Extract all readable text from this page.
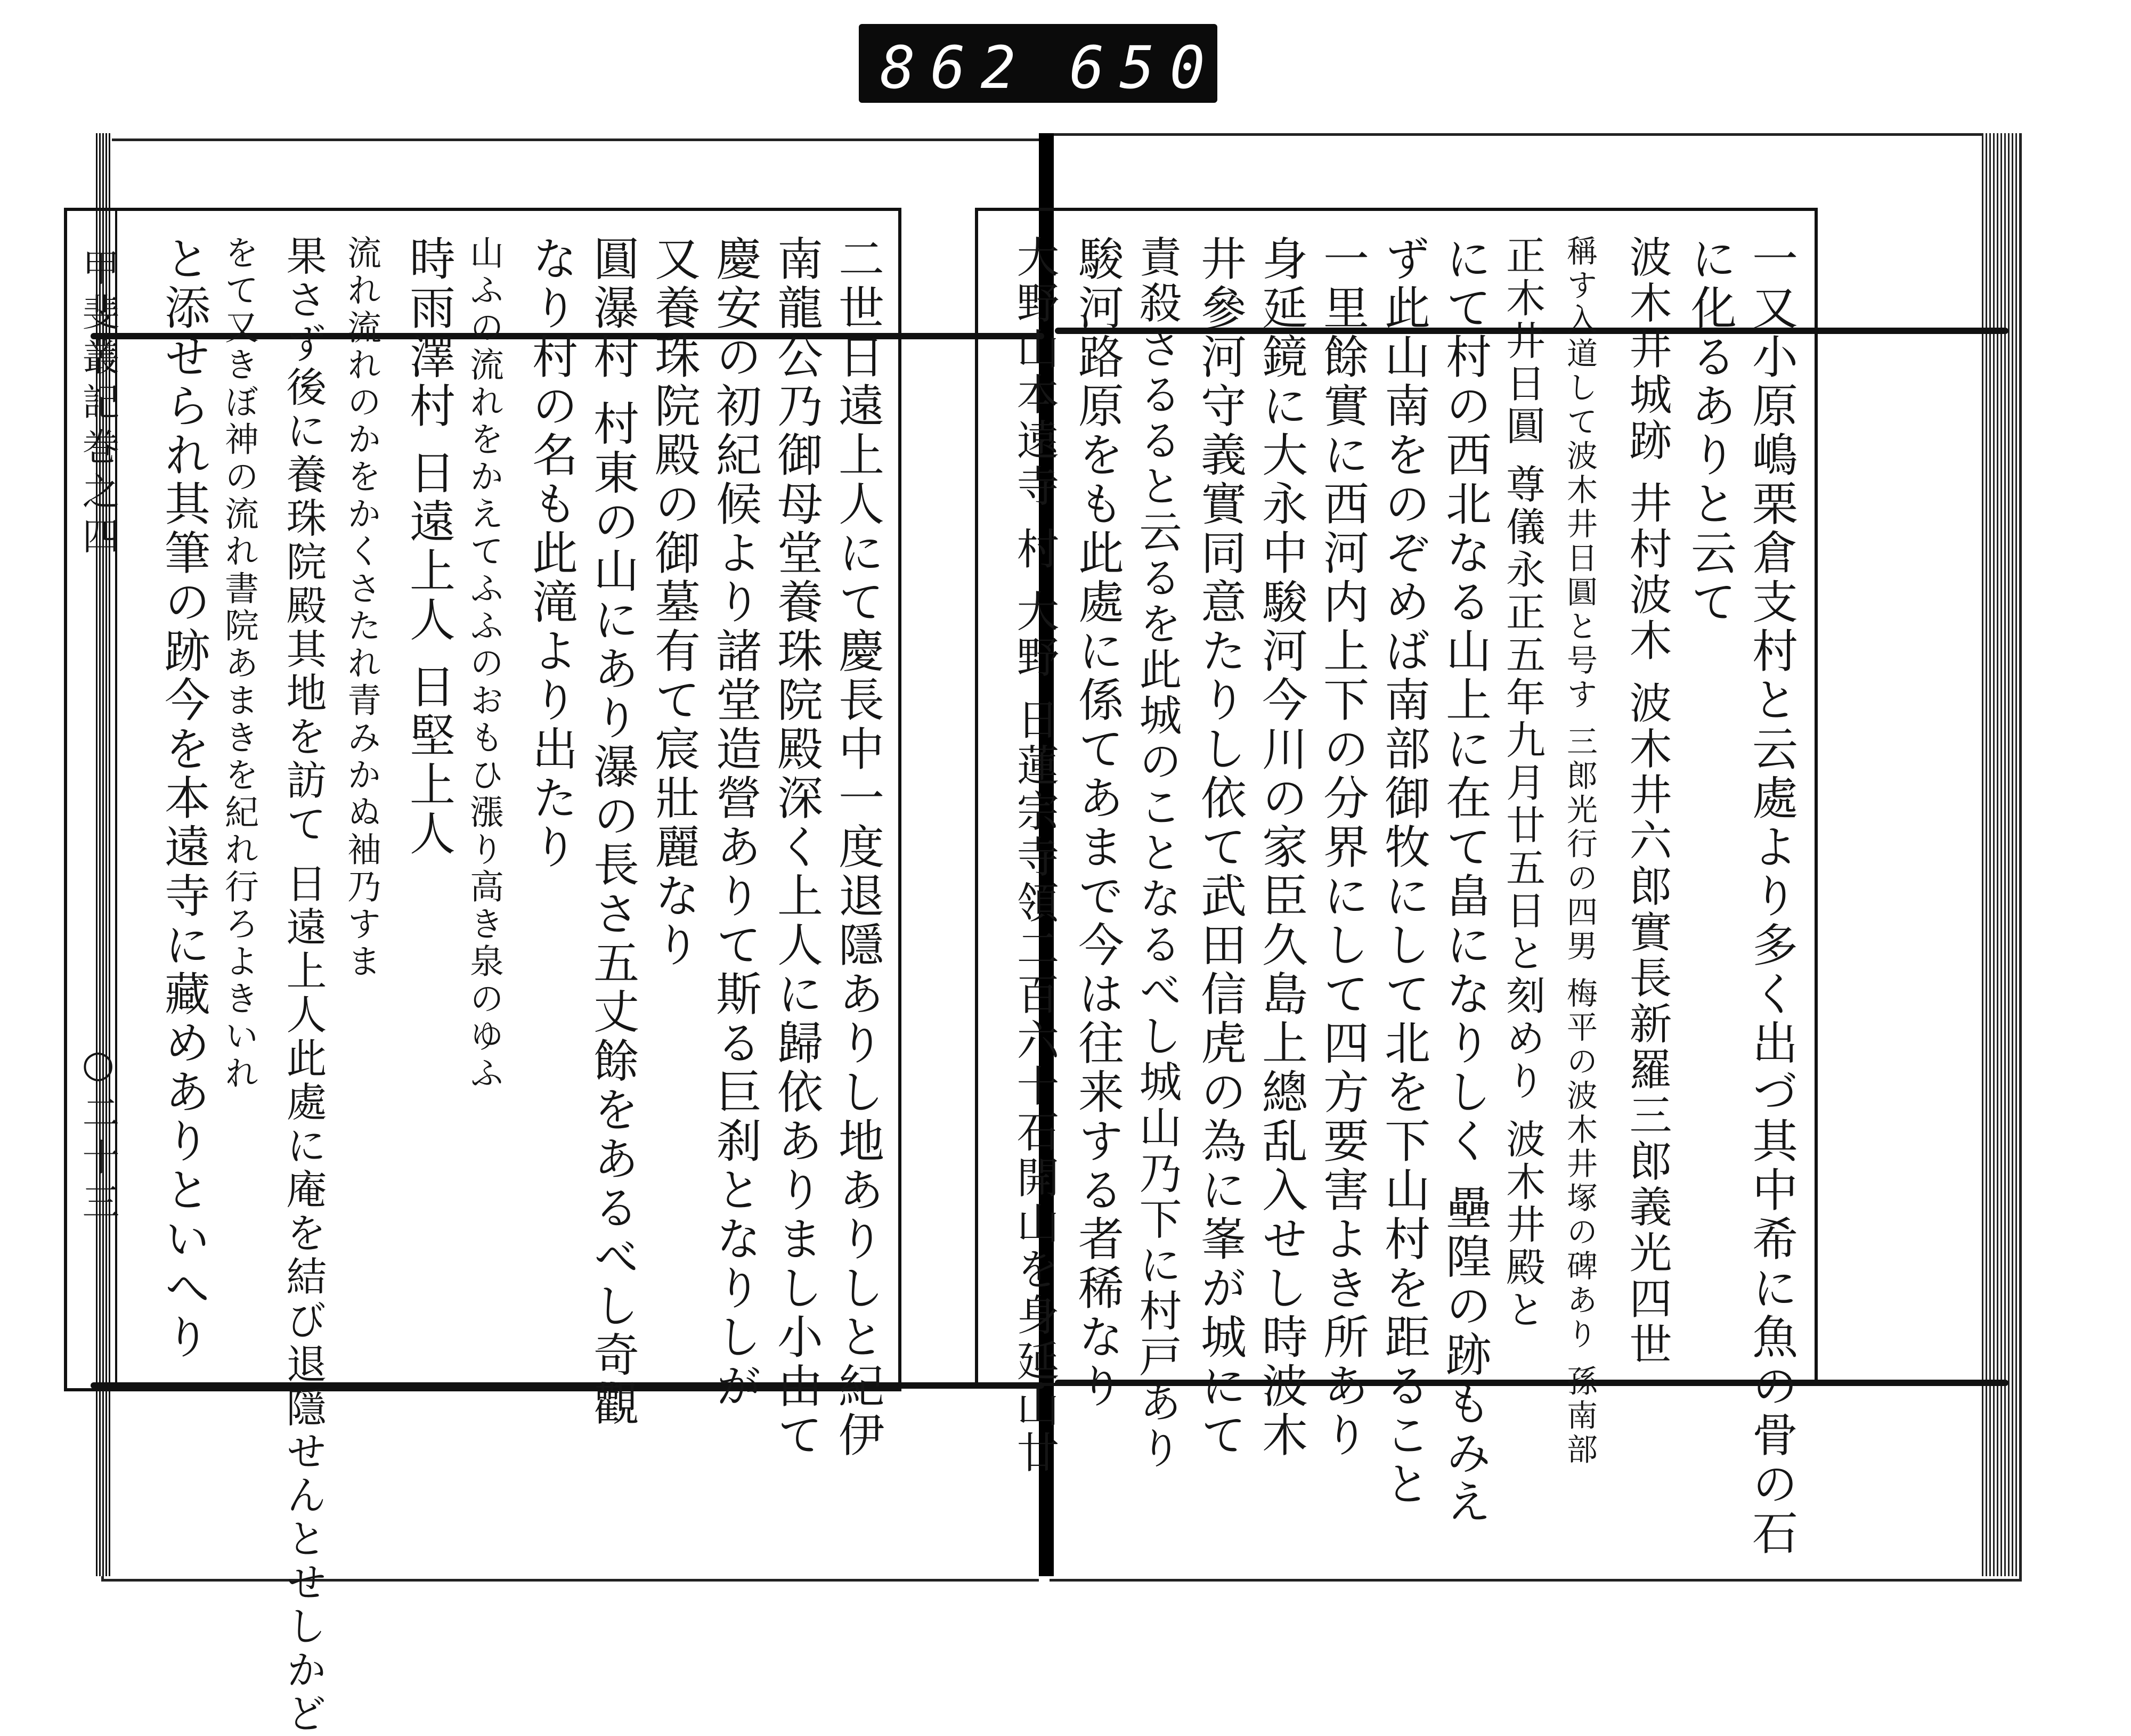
862 650.
甲斐叢記巻之四
○二十三	二世日遠上人にて慶長中一度退隱ありし地ありしと紀伊
南龍公乃御母堂養珠院殿深く上人に歸依ありまし小由て
慶安の初紀候より諸堂造營ありて斯る巨刹となりしが
又養珠院殿の御墓有て宸壯麗なり
圓瀑村 村東の山にあり瀑の長さ五丈餘をあるべし奇觀
なり村の名も此滝より出たり
山ふの流れをかえてふふのおもひ漲り高き泉のゆふ
時雨澤村 日遠上人 日堅上人
流れ流れのかをかくさたれ青みかぬ袖乃すま
果さず後に養珠院殿其地を訪て 日遠上人此處に庵を結び退隱せんとせしかど
をて又きぼ神の流れ書院あまきを紀れ行ろよきいれ
と添せられ其筆の跡今を本遠寺に藏めありといへり	一又小原嶋栗倉支村と云處より多く出づ其中希に魚の骨の石
に化るありと云て
波木井城跡 井村波木 波木井六郎實長新羅三郎義光四世
稱す入道して波木井日圓と号す 三郎光行の四男 梅平の波木井塚の碑あり 孫南部
正木井日圓 尊儀永正五年九月廿五日と刻めり 波木井殿と
にて村の西北なる山上に在て畠になりしく 壘隍の跡もみえ
ず此山南をのぞめば南部御牧にして北を下山村を距ること
一里餘實に西河内上下の分界にして四方要害よき所あり
身延鏡に大永中駿河今川の家臣久島上總乱入せし時波木
井參河守義實同意たりし依て武田信虎の為に峯が城にて
責殺さるると云るを此城のことなるべし城山乃下に村戸あり
駿河路原をも此處に係てあまで今は往来する者稀なり
大野山本遠寺 村 大野 日蓮宗寺領二百六十石開山を身延山廿
